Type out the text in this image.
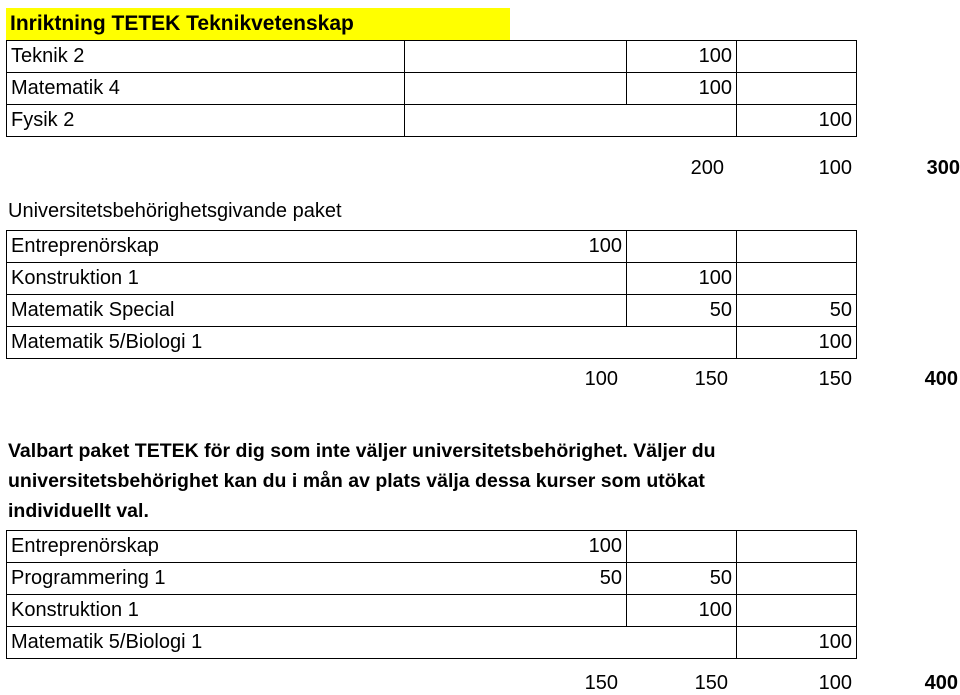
Inriktning TETEK Teknikvetenskap
Teknik 2		100	
Matematik 4		100	
Fysik 2			100
200	100	300
Universitetsbehörighetsgivande paket
Entreprenörskap	100		
Konstruktion 1		100	
Matematik Special		50	50
Matematik 5/Biologi 1			100
100	150	150	400
Valbart paket TETEK för dig som inte väljer universitetsbehörighet. Väljer du universitetsbehörighet kan du i mån av plats välja dessa kurser som utökat individuellt val.
Entreprenörskap	100		
Programmering 1	50	50	
Konstruktion 1		100	
Matematik 5/Biologi 1			100
150	150	100	400
